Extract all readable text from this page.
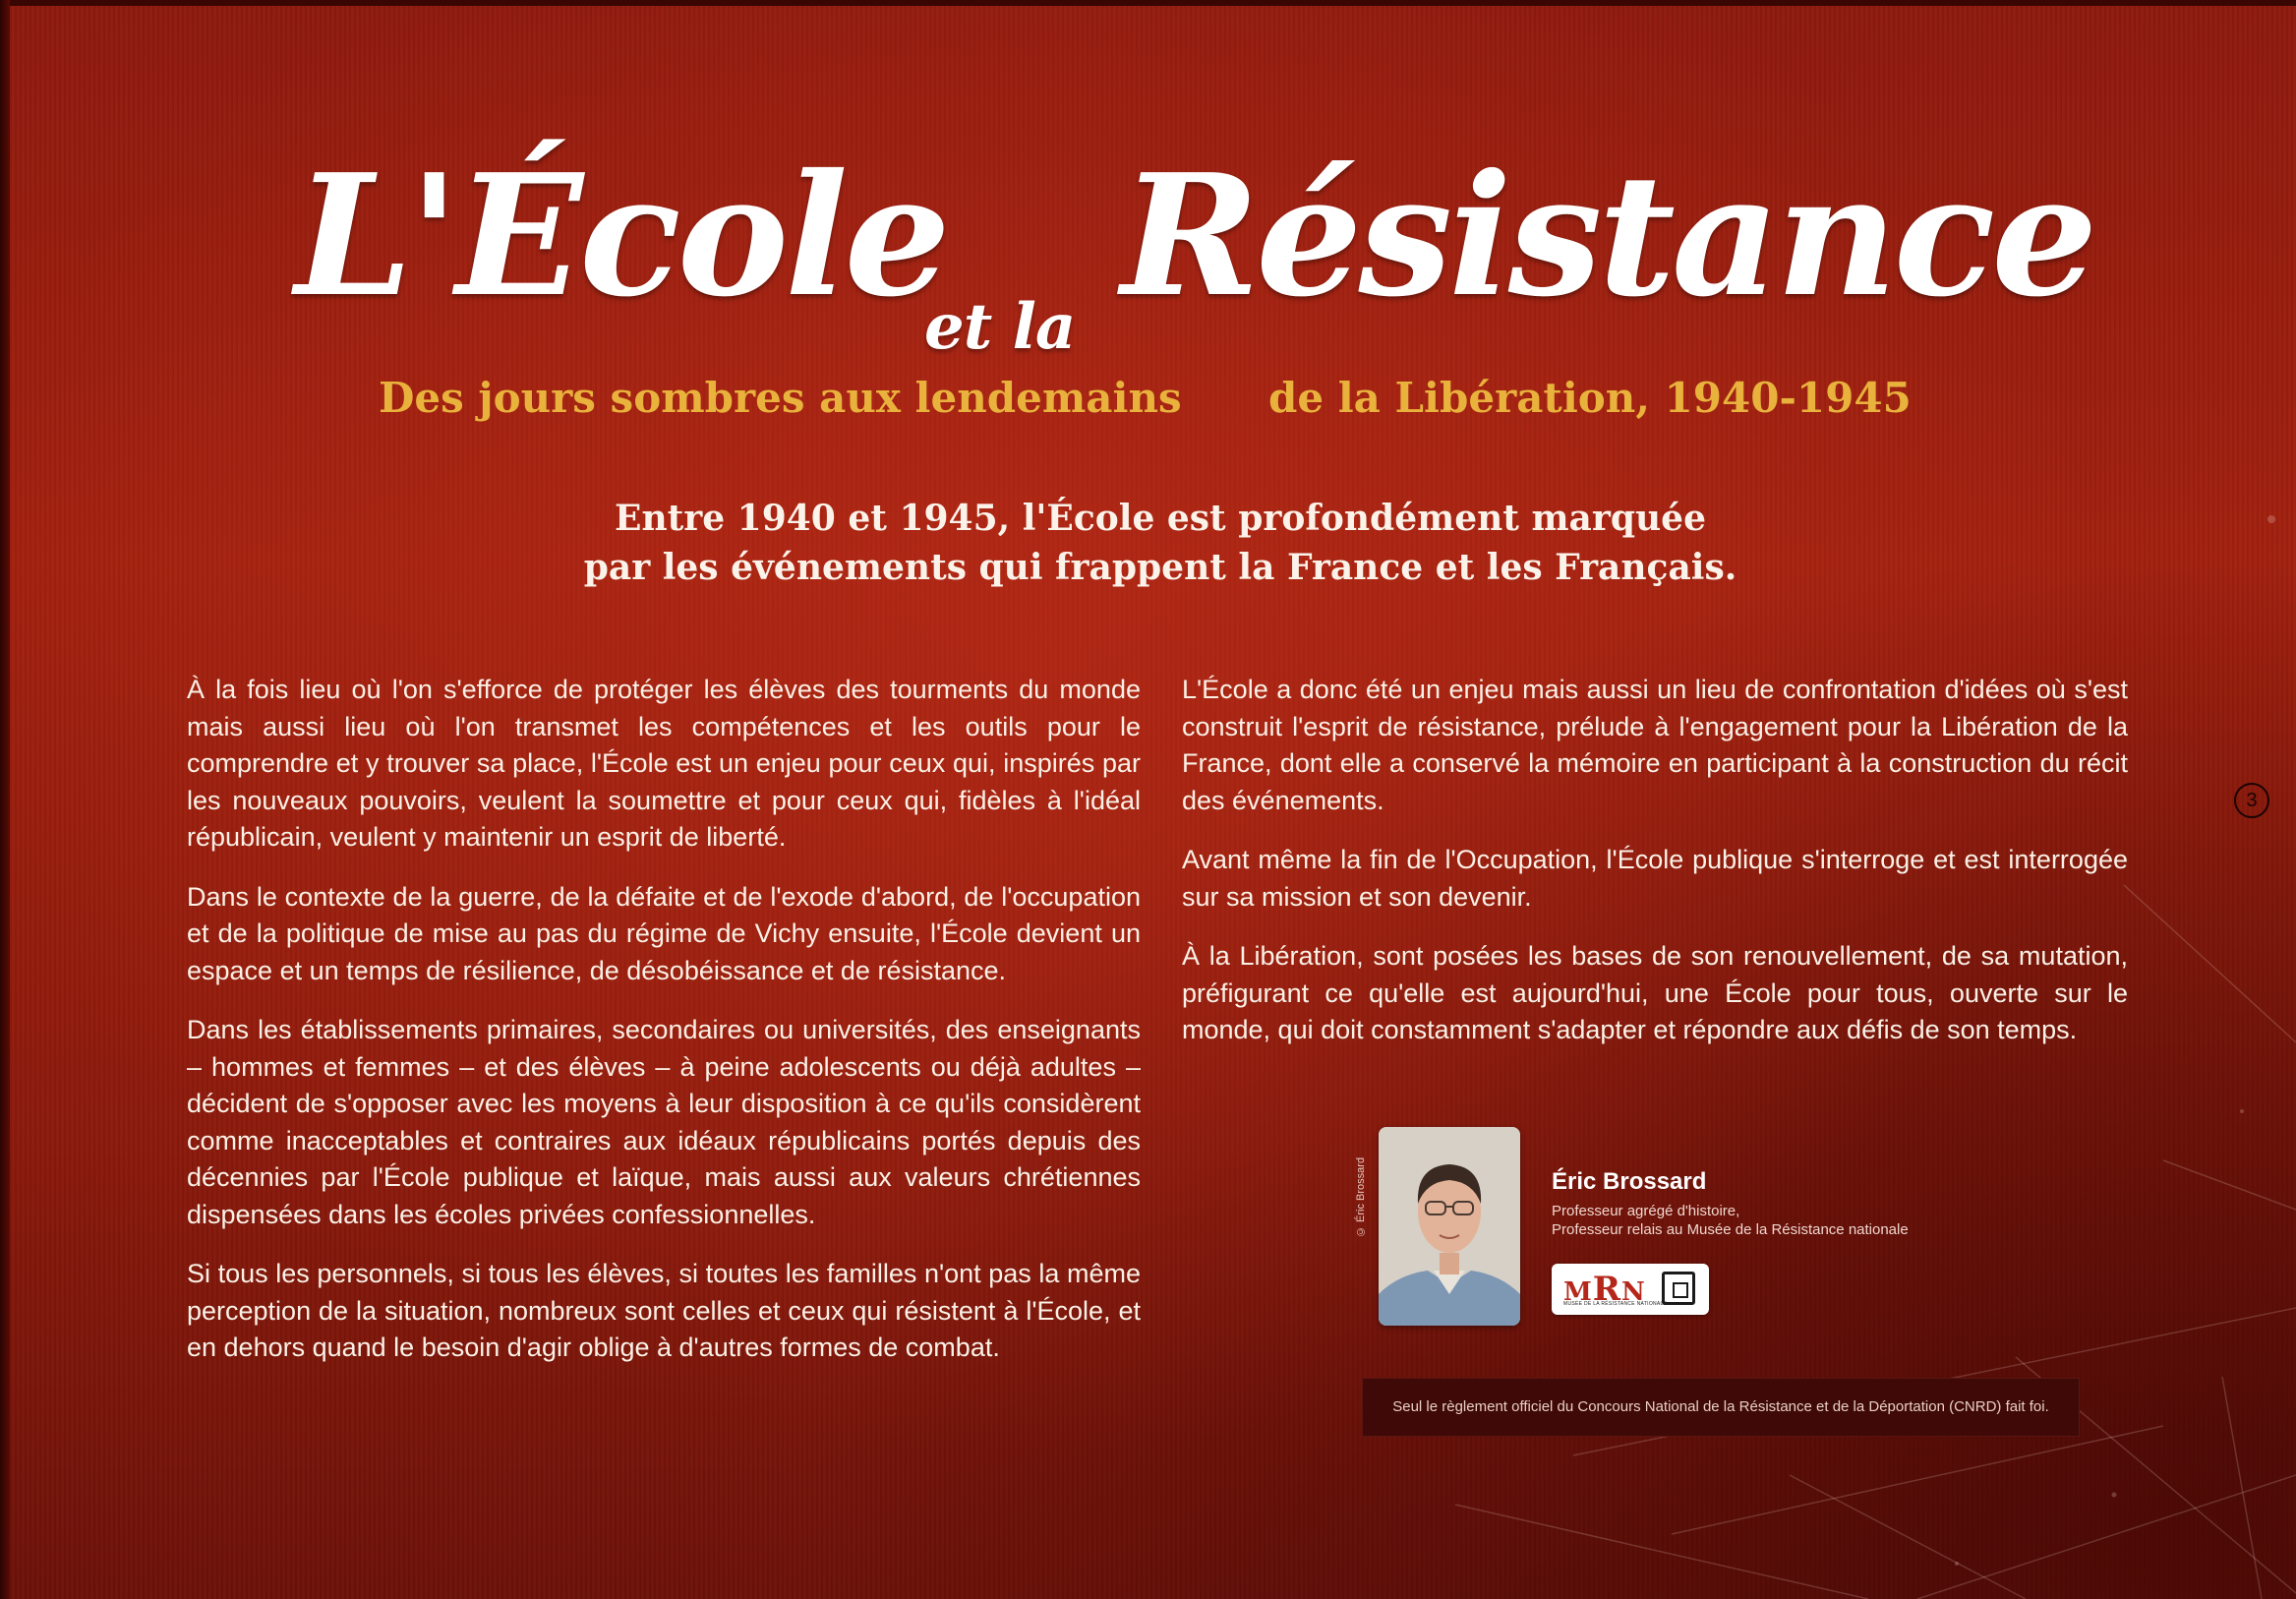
L'École
et la Résistance
Des jours sombres aux lendemains de la Libération, 1940-1945
Entre 1940 et 1945, l'École est profondément marquée
par les événements qui frappent la France et les Français.

À la fois lieu où l'on s'efforce de protéger les élèves des tourments du monde mais aussi lieu où l'on transmet les compétences et les outils pour le comprendre et y trouver sa place, l'École est un enjeu pour ceux qui, inspirés par les nouveaux pouvoirs, veulent la soumettre et pour ceux qui, fidèles à l'idéal républicain, veulent y maintenir un esprit de liberté.

Dans le contexte de la guerre, de la défaite et de l'exode d'abord, de l'occupation et de la politique de mise au pas du régime de Vichy ensuite, l'École devient un espace et un temps de résilience, de désobéissance et de résistance.

Dans les établissements primaires, secondaires ou universités, des enseignants – hommes et femmes – et des élèves – à peine adolescents ou déjà adultes – décident de s'opposer avec les moyens à leur disposition à ce qu'ils considèrent comme inacceptables et contraires aux idéaux républicains portés depuis des décennies par l'École publique et laïque, mais aussi aux valeurs chrétiennes dispensées dans les écoles privées confessionnelles.

Si tous les personnels, si tous les élèves, si toutes les familles n'ont pas la même perception de la situation, nombreux sont celles et ceux qui résistent à l'École, et en dehors quand le besoin d'agir oblige à d'autres formes de combat.

L'École a donc été un enjeu mais aussi un lieu de confrontation d'idées où s'est construit l'esprit de résistance, prélude à l'engagement pour la Libération de la France, dont elle a conservé la mémoire en participant à la construction du récit des événements.

Avant même la fin de l'Occupation, l'École publique s'interroge et est interrogée sur sa mission et son devenir.

À la Libération, sont posées les bases de son renouvellement, de sa mutation, préfigurant ce qu'elle est aujourd'hui, une École pour tous, ouverte sur le monde, qui doit constamment s'adapter et répondre aux défis de son temps.

3
© Éric Brossard	Éric Brossard
Professeur agrégé d'histoire,
Professeur relais au Musée de la Résistance nationale
MRN
MUSÉE DE LA RÉSISTANCE NATIONALE
Seul le règlement officiel du Concours National de la Résistance et de la Déportation (CNRD) fait foi.
